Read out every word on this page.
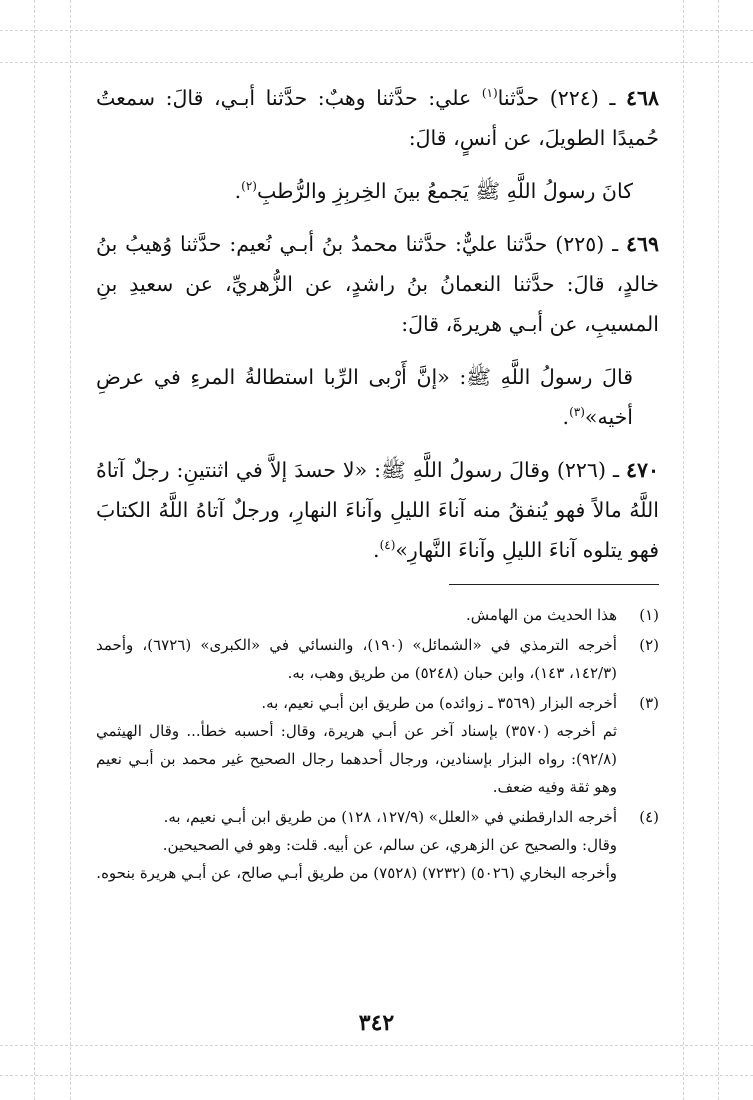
٤٦٨ ـ (٢٢٤) حدَّثنا$^{(١)}$ علي: حدَّثنا وهبٌ: حدَّثنا أبـي، قالَ: سمعتُ حُميدًا الطويلَ، عن أنسٍ، قالَ:

كانَ رسولُ اللَّهِ ﷺ يَجمعُ بينَ الخِربِزِ والرُّطبِ$^{(٢)}$.

٤٦٩ ـ (٢٢٥) حدَّثنا عليٌّ: حدَّثنا محمدُ بنُ أبـي نُعيم: حدَّثنا وُهيبُ بنُ خالدٍ، قالَ: حدَّثنا النعمانُ بنُ راشدٍ، عن الزُّهريِّ، عن سعيدِ بنِ المسيبِ، عن أبـي هريرةَ، قالَ:

قالَ رسولُ اللَّهِ ﷺ: «إنَّ أَرْبى الرِّبا استطالةُ المرءِ في عرضِ أخيه»$^{(٣)}$.

٤٧٠ ـ (٢٢٦) وقالَ رسولُ اللَّهِ ﷺ: «لا حسدَ إلاَّ في اثنتينِ: رجلٌ آتاهُ اللَّهُ مالاً فهو يُنفقُ منه آناءَ الليلِ وآناءَ النهارِ، ورجلٌ آتاهُ اللَّهُ الكتابَ فهو يتلوه آناءَ الليلِ وآناءَ النَّهارِ»$^{(٤)}$.

(١)
هذا الحديث من الهامش.
(٢)
أخرجه الترمذي في «الشمائل» (١٩٠)، والنسائي في «الكبرى» (٦٧٢٦)، وأحمد (١٤٢/٣، ١٤٣)، وابن حبان (٥٢٤٨) من طريق وهب، به.
(٣)
أخرجه البزار (٣٥٦٩ ـ زوائده) من طريق ابن أبـي نعيم، به.
ثم أخرجه (٣٥٧٠) بإسناد آخر عن أبـي هريرة، وقال: أحسبه خطأ... وقال الهيثمي (٩٢/٨): رواه البزار بإسنادين، ورجال أحدهما رجال الصحيح غير محمد بن أبـي نعيم وهو ثقة وفيه ضعف.
(٤)
أخرجه الدارقطني في «العلل» (١٢٧/٩، ١٢٨) من طريق ابن أبـي نعيم، به.
وقال: والصحيح عن الزهري، عن سالم، عن أبيه. قلت: وهو في الصحيحين.
وأخرجه البخاري (٥٠٢٦) (٧٢٣٢) (٧٥٢٨) من طريق أبـي صالح، عن أبـي هريرة بنحوه.
٣٤٢
